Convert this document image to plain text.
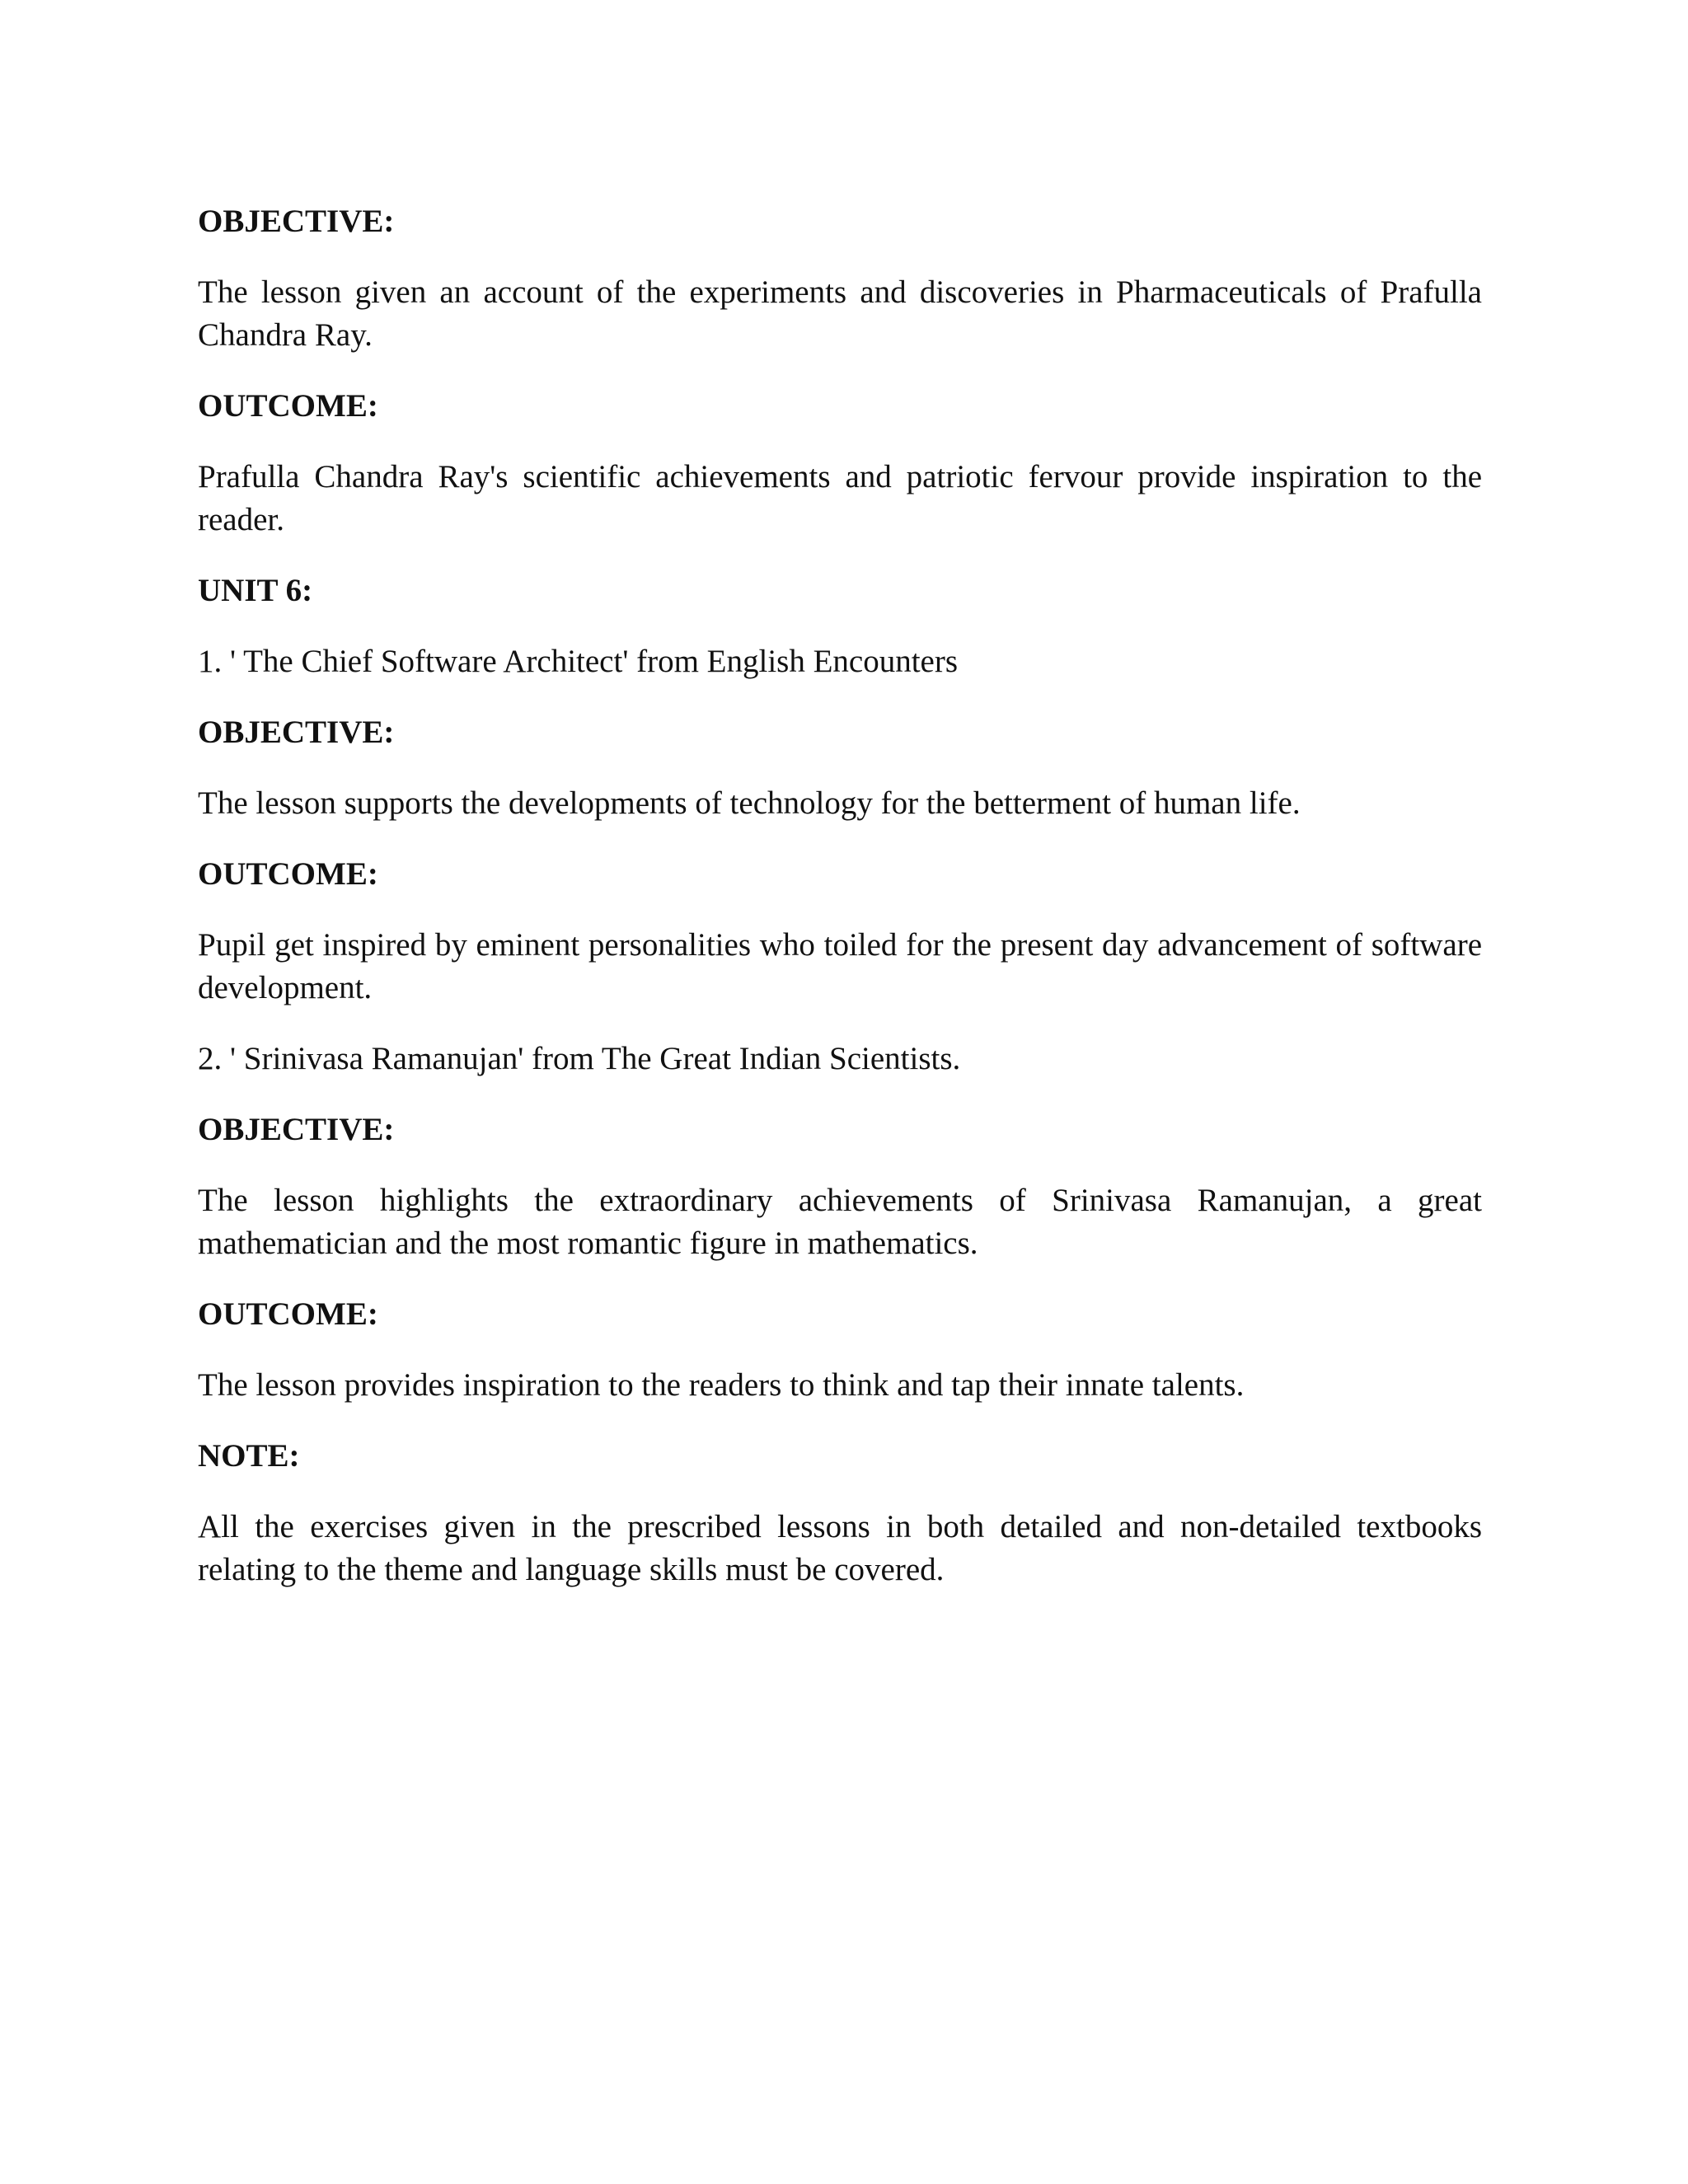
OBJECTIVE:
The lesson given an account of the experiments and discoveries in Pharmaceuticals of Prafulla Chandra Ray.
OUTCOME:
Prafulla Chandra Ray's scientific achievements and patriotic fervour provide inspiration to the reader.
UNIT 6:
1. ' The Chief Software Architect' from English Encounters
OBJECTIVE:
The lesson supports the developments of technology for the betterment of human life.
OUTCOME:
Pupil get inspired by eminent personalities who toiled for the present day advancement of software development.
2. ' Srinivasa Ramanujan' from The Great Indian Scientists.
OBJECTIVE:
The lesson highlights the extraordinary achievements of Srinivasa Ramanujan, a great mathematician and the most romantic figure in mathematics.
OUTCOME:
The lesson provides inspiration to the readers to think and tap their innate talents.
NOTE:
All the exercises given in the prescribed lessons in both detailed and non-detailed textbooks relating to the theme and language skills must be covered.
